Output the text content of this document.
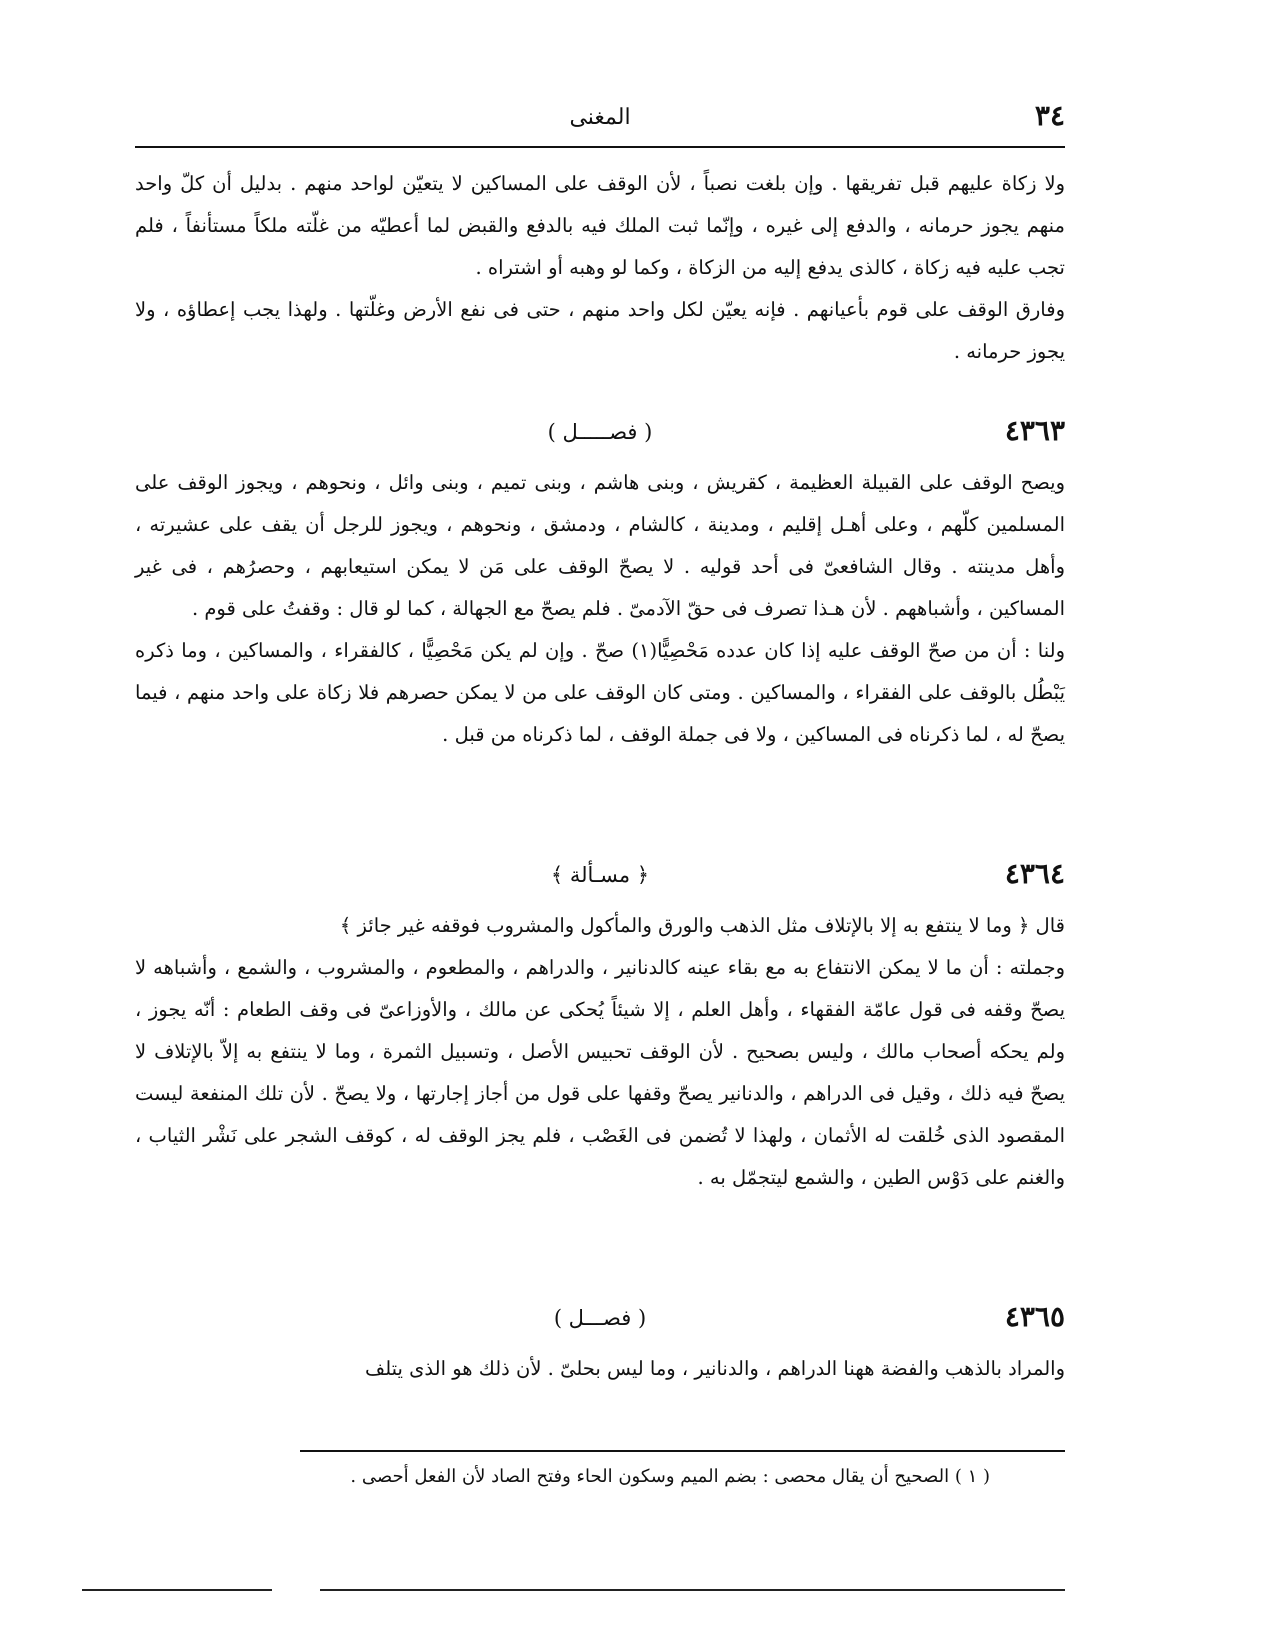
المغنى	٣٤

ولا زكاة عليهم قبل تفريقها . وإن بلغت نصباً ، لأن الوقف على المساكين لا يتعيّن لواحد منهم . بدليل أن كلّ واحد منهم يجوز حرمانه ، والدفع إلى غيره ، وإنّما ثبت الملك فيه بالدفع والقبض لما أعطيّه من غلّته ملكاً مستأنفاً ، فلم تجب عليه فيه زكاة ، كالذى يدفع إليه من الزكاة ، وكما لو وهبه أو اشتراه .

وفارق الوقف على قوم بأعيانهم . فإنه يعيّن لكل واحد منهم ، حتى فى نفع الأرض وغلّتها . ولهذا يجب إعطاؤه ، ولا يجوز حرمانه .

٤٣٦٣
( فصـــــل )

ويصح الوقف على القبيلة العظيمة ، كقريش ، وبنى هاشم ، وبنى تميم ، وبنى وائل ، ونحوهم ، ويجوز الوقف على المسلمين كلّهم ، وعلى أهـل إقليم ، ومدينة ، كالشام ، ودمشق ، ونحوهم ، ويجوز للرجل أن يقف على عشيرته ، وأهل مدينته . وقال الشافعىّ فى أحد قوليه . لا يصحّ الوقف على مَن لا يمكن استيعابهم ، وحصرُهم ، فى غير المساكين ، وأشباههم . لأن هـذا تصرف فى حقّ الآدمىّ . فلم يصحّ مع الجهالة ، كما لو قال : وقفتُ على قوم .

ولنا : أن من صحّ الوقف عليه إذا كان عدده مَحْصِيًّا(١) صحّ . وإن لم يكن مَحْصِيًّا ، كالفقراء ، والمساكين ، وما ذكره يَبْطُل بالوقف على الفقراء ، والمساكين . ومتى كان الوقف على من لا يمكن حصرهم فلا زكاة على واحد منهم ، فيما يصحّ له ، لما ذكرناه فى المساكين ، ولا فى جملة الوقف ، لما ذكرناه من قبل .

٤٣٦٤
﴿ مسـألة ﴾

قال ﴿ وما لا ينتفع به إلا بالإتلاف مثل الذهب والورق والمأكول والمشروب فوقفه غير جائز ﴾

وجملته : أن ما لا يمكن الانتفاع به مع بقاء عينه كالدنانير ، والدراهم ، والمطعوم ، والمشروب ، والشمع ، وأشباهه لا يصحّ وقفه فى قول عامّة الفقهاء ، وأهل العلم ، إلا شيئاً يُحكى عن مالك ، والأوزاعىّ فى وقف الطعام : أنّه يجوز ، ولم يحكه أصحاب مالك ، وليس بصحيح . لأن الوقف تحبيس الأصل ، وتسبيل الثمرة ، وما لا ينتفع به إلاّ بالإتلاف لا يصحّ فيه ذلك ، وقيل فى الدراهم ، والدنانير يصحّ وقفها على قول من أجاز إجارتها ، ولا يصحّ . لأن تلك المنفعة ليست المقصود الذى خُلقت له الأثمان ، ولهذا لا تُضمن فى الغَصْب ، فلم يجز الوقف له ، كوقف الشجر على نَشْر الثياب ، والغنم على دَوْس الطين ، والشمع ليتجمّل به .

٤٣٦٥
( فصـــل )

والمراد بالذهب والفضة ههنا الدراهم ، والدنانير ، وما ليس بحلىّ . لأن ذلك هو الذى يتلف

( ١ ) الصحيح أن يقال محصى : بضم الميم وسكون الحاء وفتح الصاد لأن الفعل أحصى .
